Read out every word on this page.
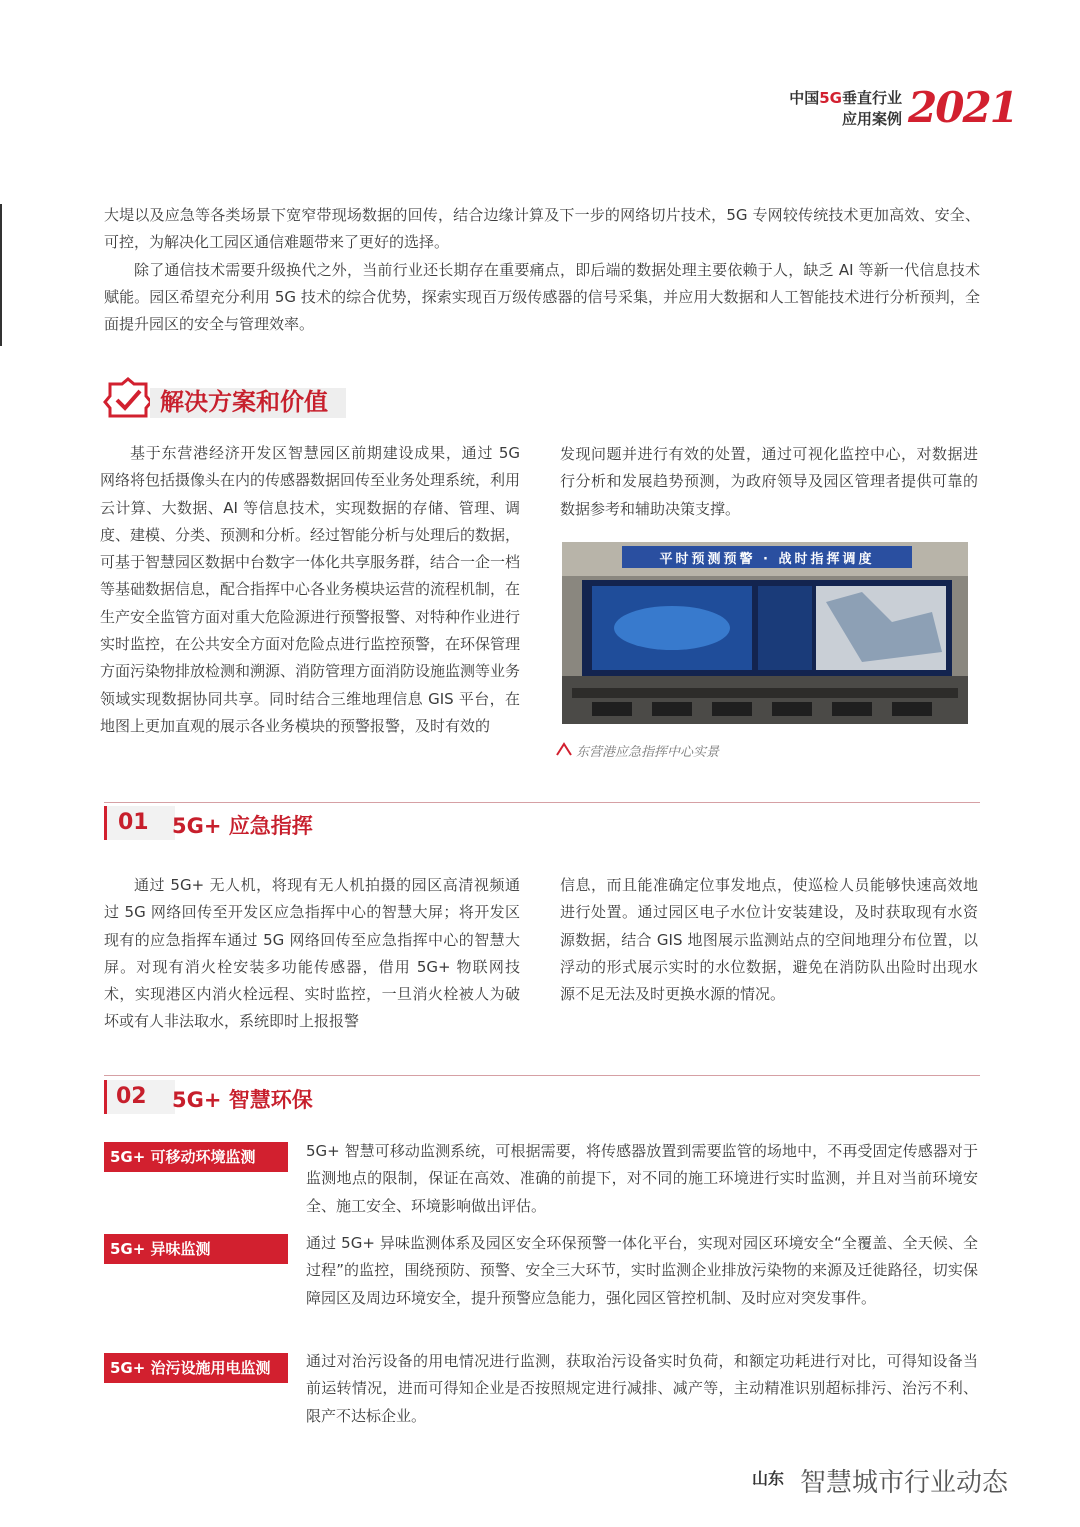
中国5G垂直行业
应用案例 2021

大堤以及应急等各类场景下宽窄带现场数据的回传，结合边缘计算及下一步的网络切片技术，5G 专网较传统技术更加高效、安全、可控，为解决化工园区通信难题带来了更好的选择。

除了通信技术需要升级换代之外，当前行业还长期存在重要痛点，即后端的数据处理主要依赖于人，缺乏 AI 等新一代信息技术赋能。园区希望充分利用 5G 技术的综合优势，探索实现百万级传感器的信号采集，并应用大数据和人工智能技术进行分析预判，全面提升园区的安全与管理效率。

解决方案和价值
基于东营港经济开发区智慧园区前期建设成果，通过 5G 网络将包括摄像头在内的传感器数据回传至业务处理系统，利用云计算、大数据、AI 等信息技术，实现数据的存储、管理、调度、建模、分类、预测和分析。经过智能分析与处理后的数据，可基于智慧园区数据中台数字一体化共享服务群，结合一企一档等基础数据信息，配合指挥中心各业务模块运营的流程机制，在生产安全监管方面对重大危险源进行预警报警、对特种作业进行实时监控，在公共安全方面对危险点进行监控预警，在环保管理方面污染物排放检测和溯源、消防管理方面消防设施监测等业务领域实现数据协同共享。同时结合三维地理信息 GIS 平台，在地图上更加直观的展示各业务模块的预警报警，及时有效的
发现问题并进行有效的处置，通过可视化监控中心，对数据进行分析和发展趋势预测，为政府领导及园区管理者提供可靠的数据参考和辅助决策支撑。
平时预测预警 · 战时指挥调度
东营港应急指挥中心实景
01 5G+ 应急指挥
通过 5G+ 无人机，将现有无人机拍摄的园区高清视频通过 5G 网络回传至开发区应急指挥中心的智慧大屏；将开发区现有的应急指挥车通过 5G 网络回传至应急指挥中心的智慧大屏。对现有消火栓安装多功能传感器，借用 5G+ 物联网技术，实现港区内消火栓远程、实时监控，一旦消火栓被人为破坏或有人非法取水，系统即时上报报警
信息，而且能准确定位事发地点，使巡检人员能够快速高效地进行处置。通过园区电子水位计安装建设，及时获取现有水资源数据，结合 GIS 地图展示监测站点的空间地理分布位置，以浮动的形式展示实时的水位数据，避免在消防队出险时出现水源不足无法及时更换水源的情况。
02 5G+ 智慧环保
5G+ 可移动环境监测	5G+ 智慧可移动监测系统，可根据需要，将传感器放置到需要监管的场地中，不再受固定传感器对于监测地点的限制，保证在高效、准确的前提下，对不同的施工环境进行实时监测，并且对当前环境安全、施工安全、环境影响做出评估。
5G+ 异味监测	通过 5G+ 异味监测体系及园区安全环保预警一体化平台，实现对园区环境安全“全覆盖、全天候、全过程”的监控，围绕预防、预警、安全三大环节，实时监测企业排放污染物的来源及迁徙路径，切实保障园区及周边环境安全，提升预警应急能力，强化园区管控机制、及时应对突发事件。
5G+ 治污设施用电监测	通过对治污设备的用电情况进行监测，获取治污设备实时负荷，和额定功耗进行对比，可得知设备当前运转情况，进而可得知企业是否按照规定进行减排、减产等，主动精准识别超标排污、治污不利、限产不达标企业。
山东 智慧城市行业动态
